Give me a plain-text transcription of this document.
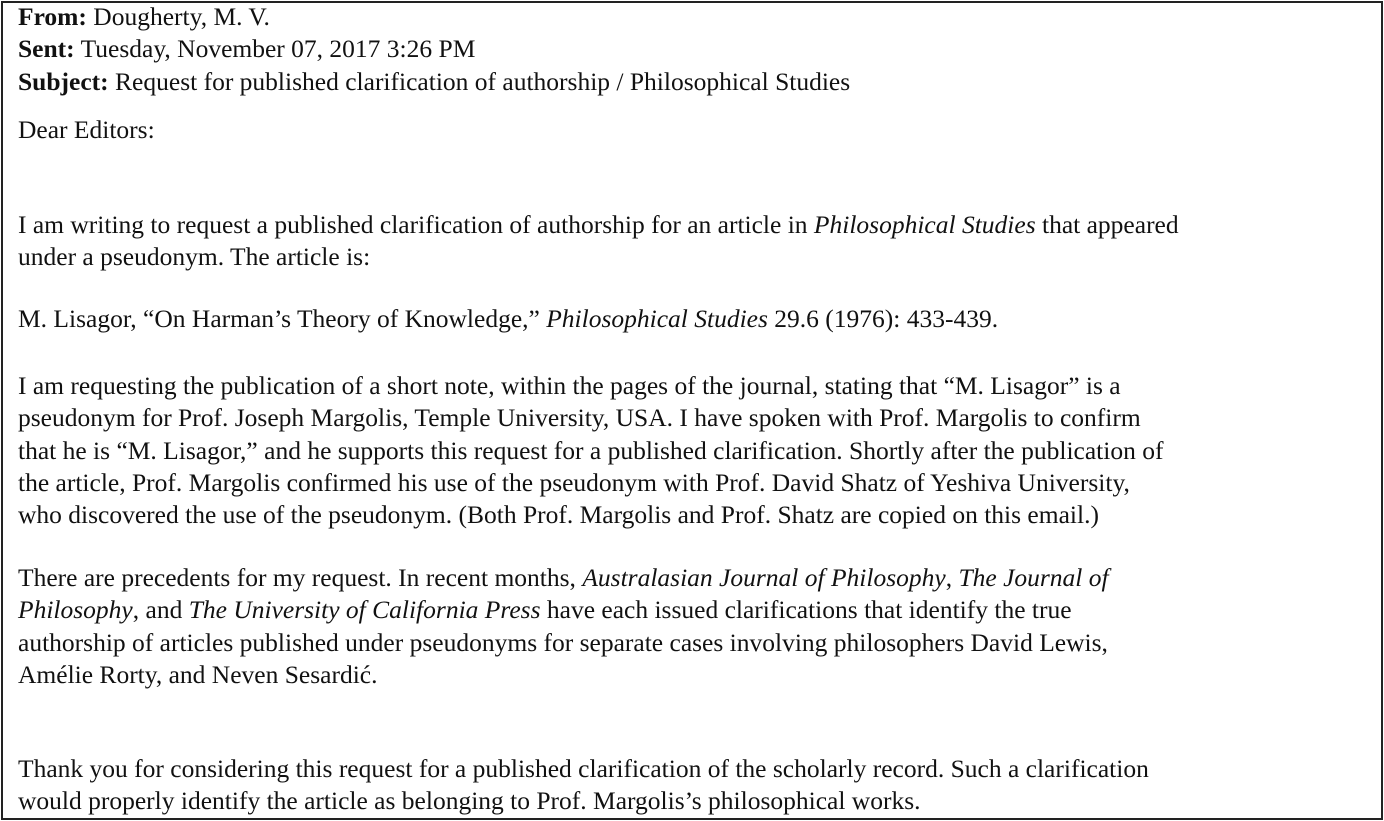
From: Dougherty, M. V.
Sent: Tuesday, November 07, 2017 3:26 PM
Subject: Request for published clarification of authorship / Philosophical Studies
Dear Editors:
I am writing to request a published clarification of authorship for an article in Philosophical Studies that appeared
under a pseudonym. The article is:
M. Lisagor, “On Harman’s Theory of Knowledge,” Philosophical Studies 29.6 (1976): 433-439.
I am requesting the publication of a short note, within the pages of the journal, stating that “M. Lisagor” is a
pseudonym for Prof. Joseph Margolis, Temple University, USA. I have spoken with Prof. Margolis to confirm
that he is “M. Lisagor,” and he supports this request for a published clarification. Shortly after the publication of
the article, Prof. Margolis confirmed his use of the pseudonym with Prof. David Shatz of Yeshiva University,
who discovered the use of the pseudonym. (Both Prof. Margolis and Prof. Shatz are copied on this email.)
There are precedents for my request. In recent months, Australasian Journal of Philosophy, The Journal of
Philosophy, and The University of California Press have each issued clarifications that identify the true
authorship of articles published under pseudonyms for separate cases involving philosophers David Lewis,
Amélie Rorty, and Neven Sesardić.
Thank you for considering this request for a published clarification of the scholarly record. Such a clarification
would properly identify the article as belonging to Prof. Margolis’s philosophical works.
